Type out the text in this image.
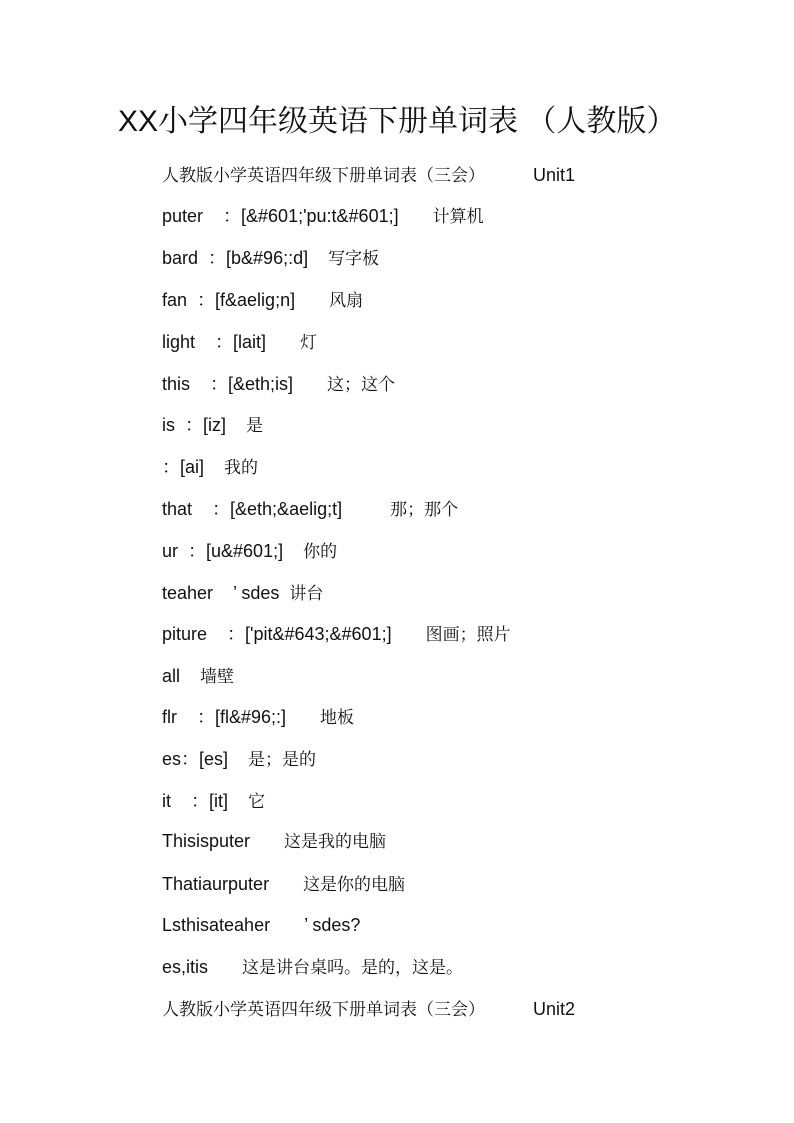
XX小学四年级英语下册单词表 （人教版）
人教版小学英语四年级下册单词表（三会）	Unit1
puter ：[&#601;'pu:t&#601;] 计算机
bard ：[b&#96;:d] 写字板
fan ：[f&aelig;n] 风扇
light ：[lait] 灯
this ：[&eth;is] 这；这个
is ：[iz] 是
：[ai] 我的
that ：[&eth;&aelig;t]	那；那个
ur ：[u&#601;] 你的
teaher ’ sdes 讲台
piture ：['pit&#643;&#601;] 图画；照片
all 墙壁
flr ：[fl&#96;:] 地板
es：[es] 是；是的
it ：[it] 它
Thisisputer 这是我的电脑
Thatiaurputer 这是你的电脑
Lsthisateaher ’ sdes?
es,itis 这是讲台桌吗。是的，这是。
人教版小学英语四年级下册单词表（三会）	Unit2
